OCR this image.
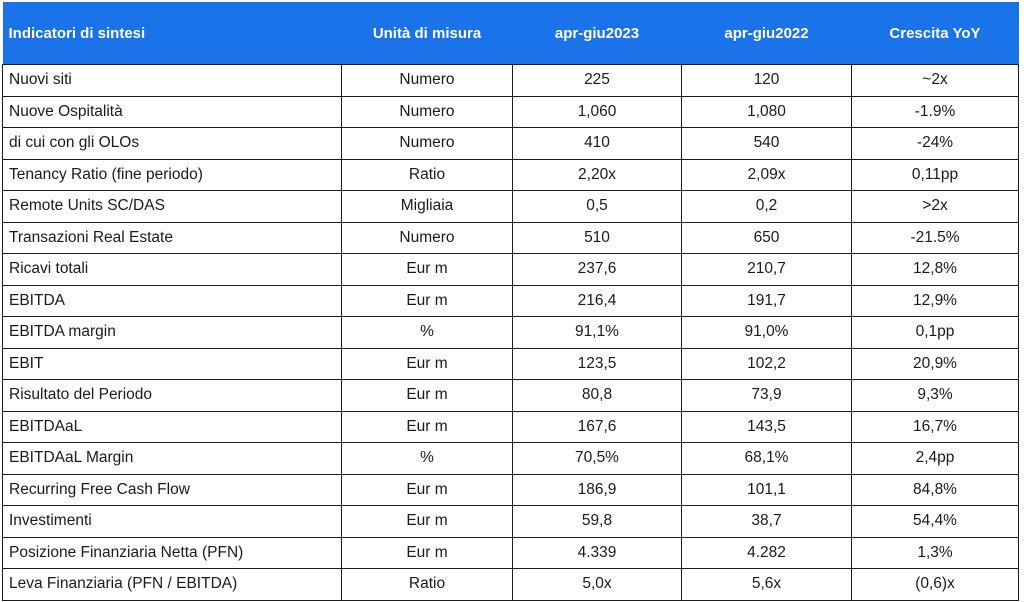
Indicatori di sintesi	Unità di misura	apr-giu2023	apr-giu2022	Crescita YoY
Nuovi siti	Numero	225	120	~2x
Nuove Ospitalità	Numero	1,060	1,080	-1.9%
di cui con gli OLOs	Numero	410	540	-24%
Tenancy Ratio (fine periodo)	Ratio	2,20x	2,09x	0,11pp
Remote Units SC/DAS	Migliaia	0,5	0,2	>2x
Transazioni Real Estate	Numero	510	650	-21.5%
Ricavi totali	Eur m	237,6	210,7	12,8%
EBITDA	Eur m	216,4	191,7	12,9%
EBITDA margin	%	91,1%	91,0%	0,1pp
EBIT	Eur m	123,5	102,2	20,9%
Risultato del Periodo	Eur m	80,8	73,9	9,3%
EBITDAaL	Eur m	167,6	143,5	16,7%
EBITDAaL Margin	%	70,5%	68,1%	2,4pp
Recurring Free Cash Flow	Eur m	186,9	101,1	84,8%
Investimenti	Eur m	59,8	38,7	54,4%
Posizione Finanziaria Netta (PFN)	Eur m	4.339	4.282	1,3%
Leva Finanziaria (PFN / EBITDA)	Ratio	5,0x	5,6x	(0,6)x
